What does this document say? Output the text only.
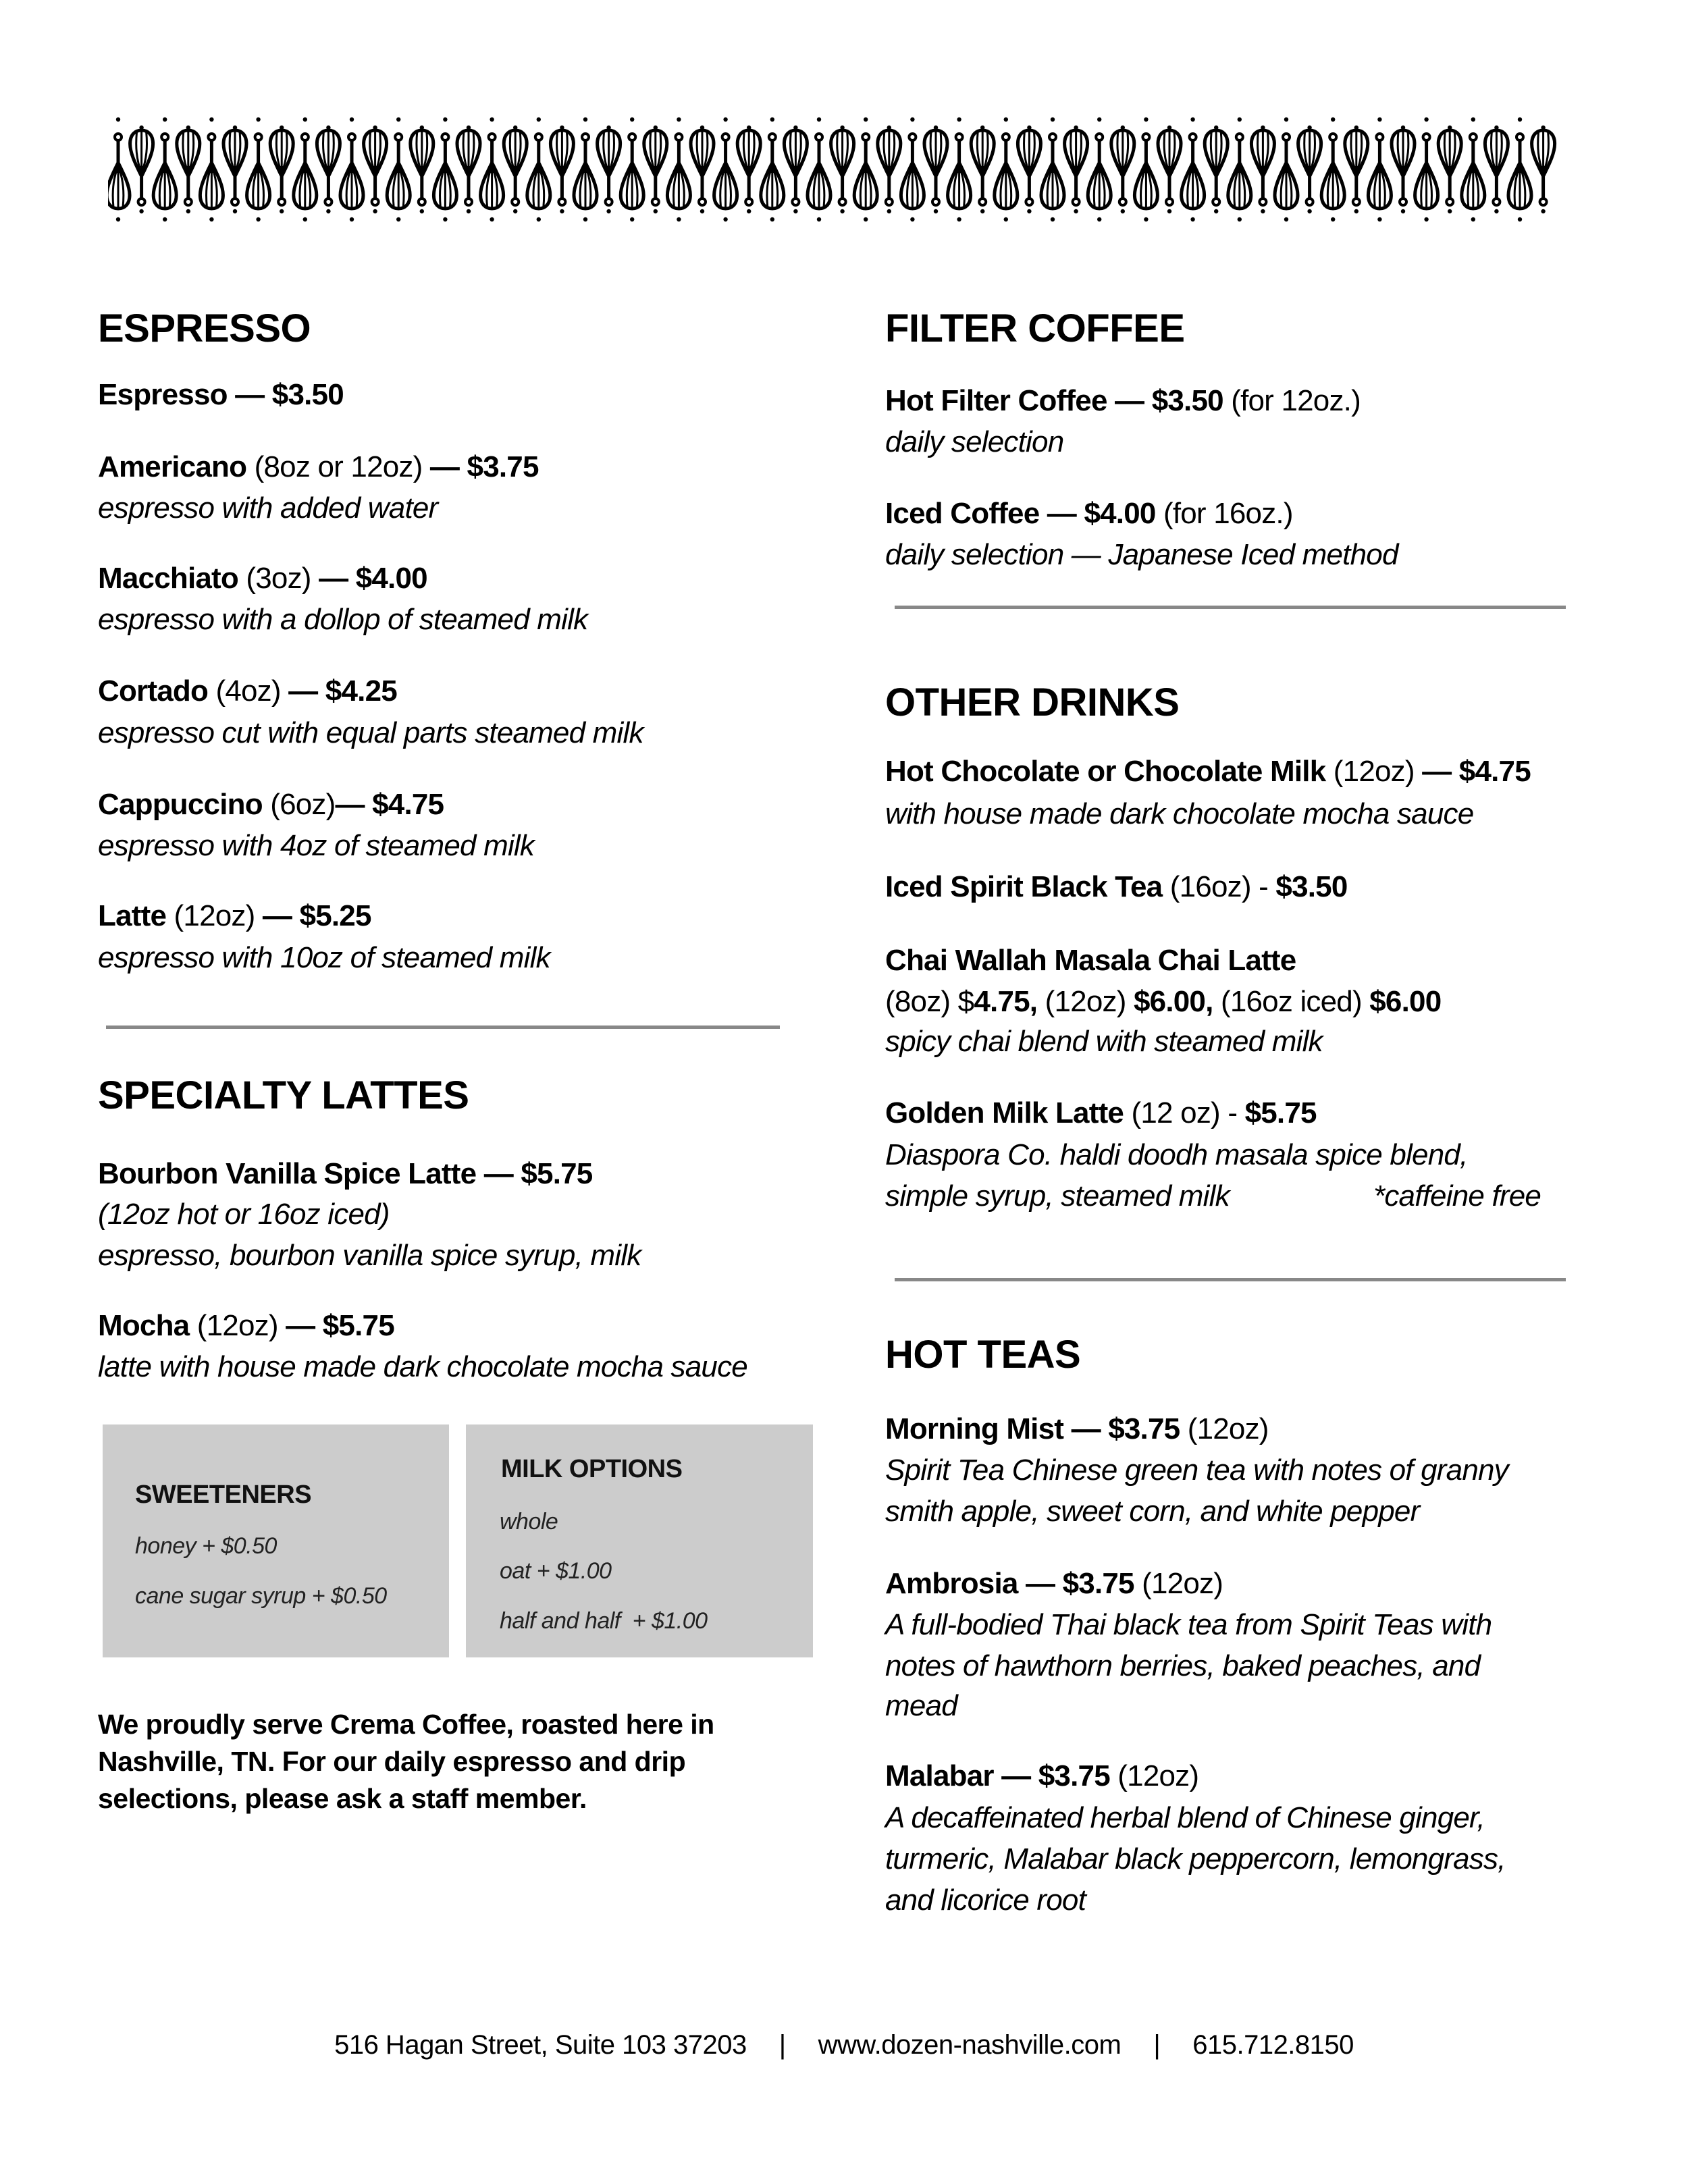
ESPRESSO
Espresso — $3.50
Americano (8oz or 12oz) — $3.75
espresso with added water
Macchiato (3oz) — $4.00
espresso with a dollop of steamed milk
Cortado (4oz) — $4.25
espresso cut with equal parts steamed milk
Cappuccino (6oz)— $4.75
espresso with 4oz of steamed milk
Latte (12oz) — $5.25
espresso with 10oz of steamed milk
SPECIALTY LATTES
Bourbon Vanilla Spice Latte — $5.75
(12oz hot or 16oz iced)
espresso, bourbon vanilla spice syrup, milk
Mocha (12oz) — $5.75
latte with house made dark chocolate mocha sauce
SWEETENERS
honey + $0.50
cane sugar syrup + $0.50
MILK OPTIONS
whole
oat + $1.00
half and half  + $1.00
We proudly serve Crema Coffee, roasted here in
Nashville, TN. For our daily espresso and drip
selections, please ask a staff member.
FILTER COFFEE
Hot Filter Coffee — $3.50 (for 12oz.)
daily selection
Iced Coffee — $4.00 (for 16oz.)
daily selection — Japanese Iced method
OTHER DRINKS
Hot Chocolate or Chocolate Milk (12oz) — $4.75
with house made dark chocolate mocha sauce
Iced Spirit Black Tea (16oz) - $3.50
Chai Wallah Masala Chai Latte
(8oz) $4.75, (12oz) $6.00, (16oz iced) $6.00
spicy chai blend with steamed milk
Golden Milk Latte (12 oz) - $5.75
Diaspora Co. haldi doodh masala spice blend,
simple syrup, steamed milk	*caffeine free
HOT TEAS
Morning Mist — $3.75 (12oz)
Spirit Tea Chinese green tea with notes of granny
smith apple, sweet corn, and white pepper
Ambrosia — $3.75 (12oz)
A full-bodied Thai black tea from Spirit Teas with
notes of hawthorn berries, baked peaches, and
mead
Malabar — $3.75 (12oz)
A decaffeinated herbal blend of Chinese ginger,
turmeric, Malabar black peppercorn, lemongrass,
and licorice root
516 Hagan Street, Suite 103 37203 | www.dozen-nashville.com | 615.712.8150
